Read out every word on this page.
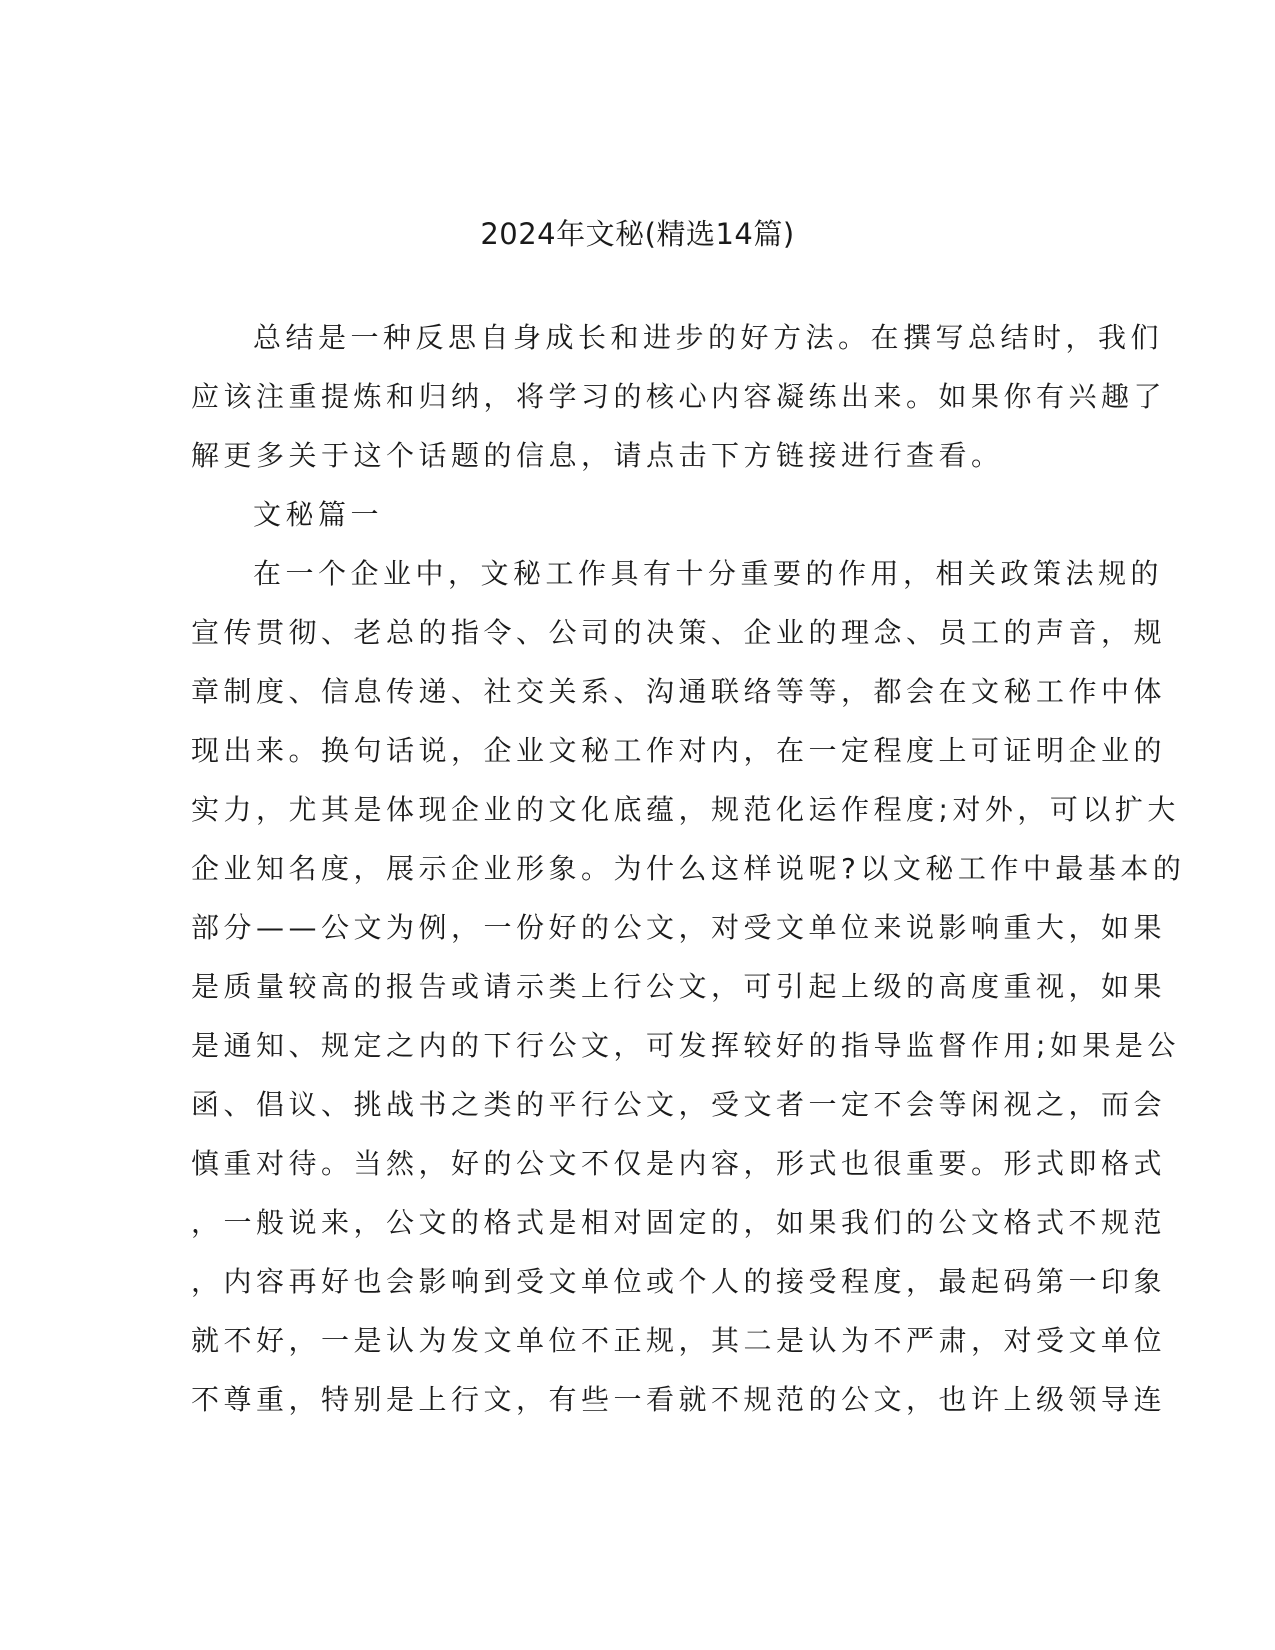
2024年文秘(精选14篇)
总结是一种反思自身成长和进步的好方法。在撰写总结时，我们
应该注重提炼和归纳，将学习的核心内容凝练出来。如果你有兴趣了
解更多关于这个话题的信息，请点击下方链接进行查看。
文秘篇一
在一个企业中，文秘工作具有十分重要的作用，相关政策法规的
宣传贯彻、老总的指令、公司的决策、企业的理念、员工的声音，规
章制度、信息传递、社交关系、沟通联络等等，都会在文秘工作中体
现出来。换句话说，企业文秘工作对内，在一定程度上可证明企业的
实力，尤其是体现企业的文化底蕴，规范化运作程度;对外，可以扩大
企业知名度，展示企业形象。为什么这样说呢?以文秘工作中最基本的
部分——公文为例，一份好的公文，对受文单位来说影响重大，如果
是质量较高的报告或请示类上行公文，可引起上级的高度重视，如果
是通知、规定之内的下行公文，可发挥较好的指导监督作用;如果是公
函、倡议、挑战书之类的平行公文，受文者一定不会等闲视之，而会
慎重对待。当然，好的公文不仅是内容，形式也很重要。形式即格式
，一般说来，公文的格式是相对固定的，如果我们的公文格式不规范
，内容再好也会影响到受文单位或个人的接受程度，最起码第一印象
就不好，一是认为发文单位不正规，其二是认为不严肃，对受文单位
不尊重，特别是上行文，有些一看就不规范的公文，也许上级领导连
